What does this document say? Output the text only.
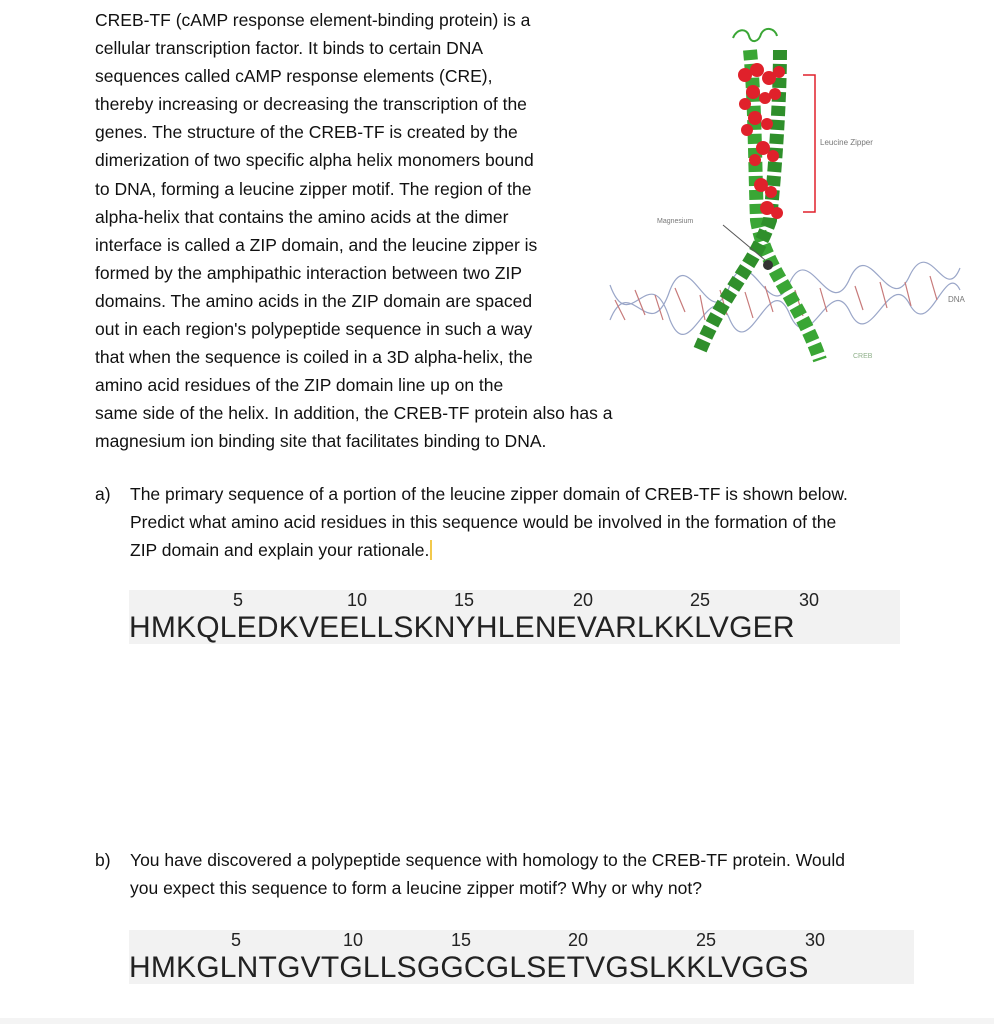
CREB-TF (cAMP response element-binding protein) is a
cellular transcription factor. It binds to certain DNA
sequences called cAMP response elements (CRE),
thereby increasing or decreasing the transcription of the
genes. The structure of the CREB-TF is created by the
dimerization of two specific alpha helix monomers bound
to DNA, forming a leucine zipper motif. The region of the
alpha-helix that contains the amino acids at the dimer
interface is called a ZIP domain, and the leucine zipper is
formed by the amphipathic interaction between two ZIP
domains. The amino acids in the ZIP domain are spaced
out in each region's polypeptide sequence in such a way
that when the sequence is coiled in a 3D alpha-helix, the
amino acid residues of the ZIP domain line up on the
same side of the helix. In addition, the CREB-TF protein also has a
magnesium ion binding site that facilitates binding to DNA.
Leucine Zipper
Magnesium
DNA
CREB
a) The primary sequence of a portion of the leucine zipper domain of CREB-TF is shown below.
Predict what amino acid residues in this sequence would be involved in the formation of the
ZIP domain and explain your rationale.
5	10	15	20	25	30
HMKQLEDKVEELLSKNYHLENEVARLKKLVGER
b) You have discovered a polypeptide sequence with homology to the CREB-TF protein. Would
you expect this sequence to form a leucine zipper motif? Why or why not?
5	10	15	20	25	30
HMKGLNTGVTGLLSGGCGLSETVGSLKKLVGGS
